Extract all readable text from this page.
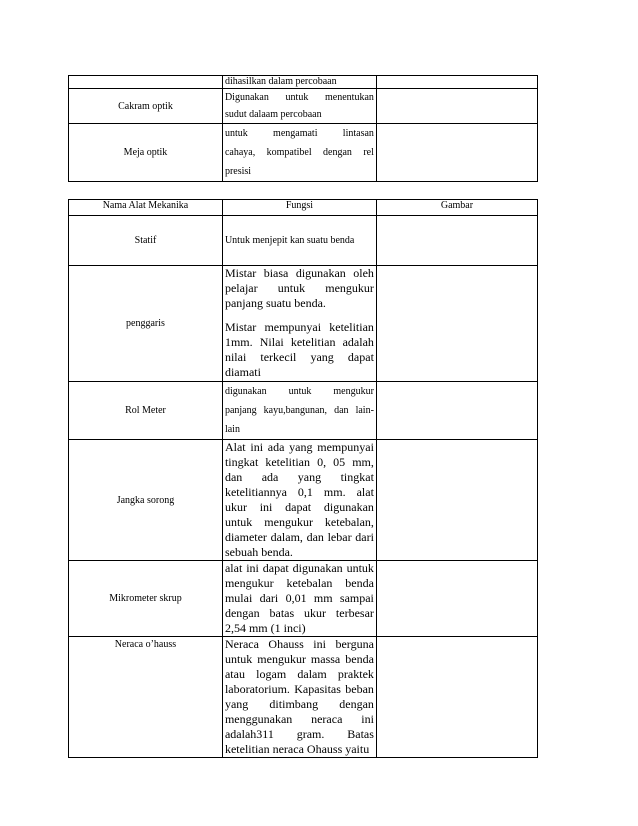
	dihasilkan dalam percobaan	
Cakram optik	Digunakan untuk menentukan
sudut dalaam percobaan	

Meja optik	untuk mengamati lintasan
cahaya, kompatibel dengan rel
presisi	

Nama Alat Mekanika	Fungsi	Gambar
Statif	Untuk menjepit kan suatu benda	
penggaris	Mistar biasa digunakan oleh pelajar untuk mengukur panjang suatu benda.

Mistar mempunyai ketelitian 1mm. Nilai ketelitian adalah nilai terkecil yang dapat diamati	

Rol Meter	digunakan untuk mengukur
panjang kayu,bangunan, dan lain-
lain	

Jangka sorong	Alat ini ada yang mempunyai tingkat ketelitian 0, 05 mm, dan ada yang tingkat ketelitiannya 0,1 mm. alat ukur ini dapat digunakan untuk mengukur ketebalan, diameter dalam, dan lebar dari sebuah benda.	

Mikrometer skrup	alat ini dapat digunakan untuk mengukur ketebalan benda mulai dari 0,01 mm sampai dengan batas ukur terbesar 2,54 mm (1 inci)	

Neraca o’hauss	Neraca Ohauss ini berguna untuk mengukur massa benda atau logam dalam praktek laboratorium. Kapasitas beban yang ditimbang dengan menggunakan neraca ini adalah311 gram. Batas ketelitian neraca Ohauss yaitu	
